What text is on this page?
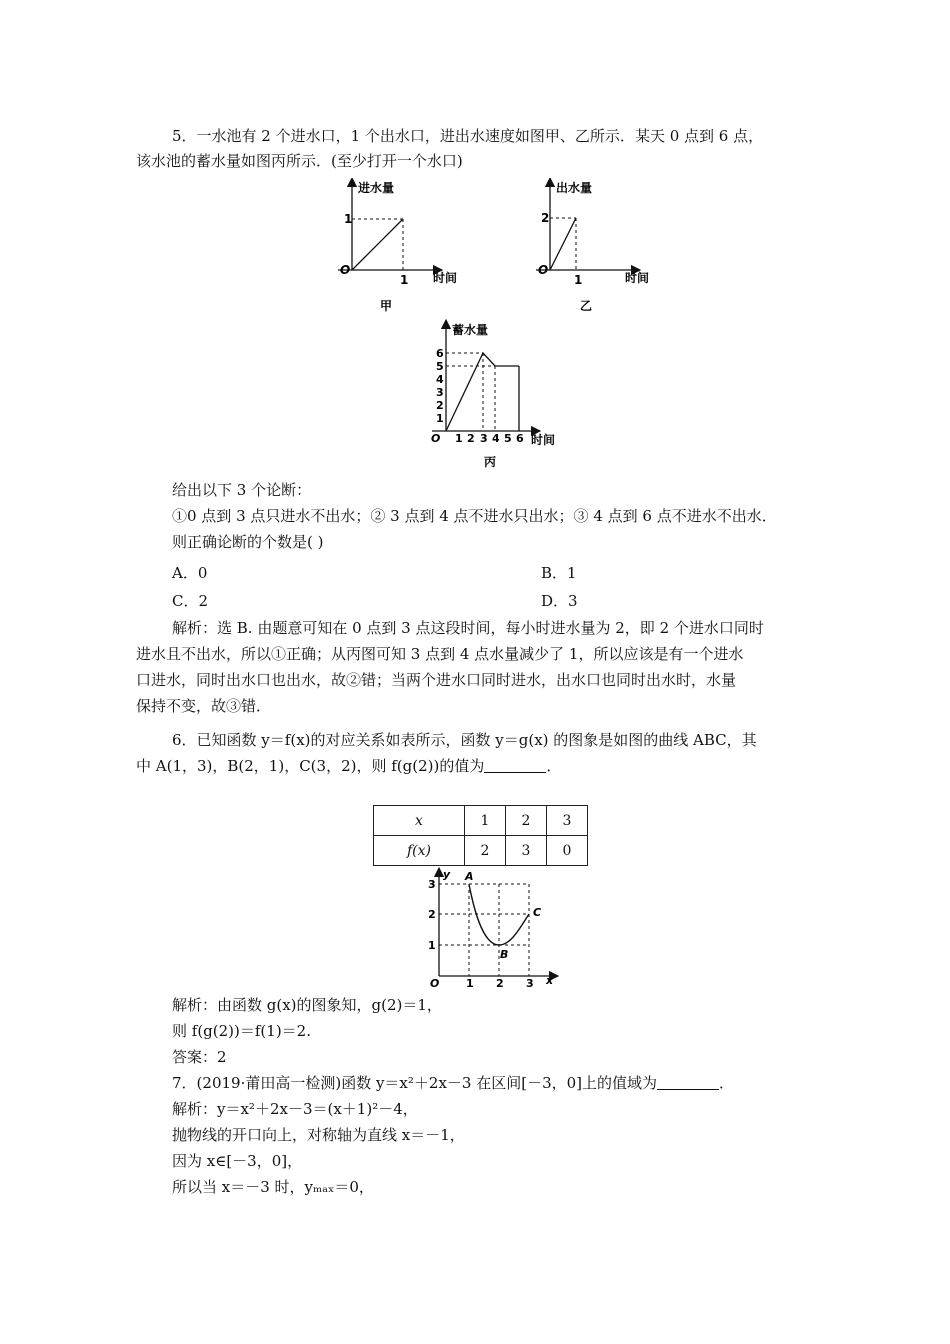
5．一水池有 2 个进水口，1 个出水口，进出水速度如图甲、乙所示．某天 0 点到 6 点，
该水池的蓄水量如图丙所示．(至少打开一个水口)
进水量
1
O
1 时间
甲
出水量
2
O
1	时间
乙
蓄水量
1
2
3
4
5
6
O 1 2 3 4 5 6 时间
丙
给出以下 3 个论断：
①0 点到 3 点只进水不出水；② 3 点到 4 点不进水只出水；③ 4 点到 6 点不进水不出水．
则正确论断的个数是( )
A．0	B．1
C．2	D．3
解析：选 B. 由题意可知在 0 点到 3 点这段时间，每小时进水量为 2，即 2 个进水口同时
进水且不出水，所以①正确；从丙图可知 3 点到 4 点水量减少了 1，所以应该是有一个进水
口进水，同时出水口也出水，故②错；当两个进水口同时进水，出水口也同时出水时，水量
保持不变，故③错．
6．已知函数 y＝f(x)的对应关系如表所示，函数 y＝g(x) 的图象是如图的曲线 ABC，其
中 A(1，3)，B(2，1)，C(3，2)，则 f(g(2))的值为	．
x	1	2	3
f(x)	2	3	0
y
3
2
1
O 1 2 3 x
A
B
C
解析：由函数 g(x)的图象知，g(2)＝1，
则 f(g(2))＝f(1)＝2.
答案：2
7．(2019·莆田高一检测)函数 y＝x²＋2x－3 在区间[－3，0]上的值域为	．
解析：y＝x²＋2x－3＝(x＋1)²－4，
抛物线的开口向上，对称轴为直线 x＝－1，
因为 x∈[－3，0]，
所以当 x＝－3 时，yₘₐₓ＝0，
